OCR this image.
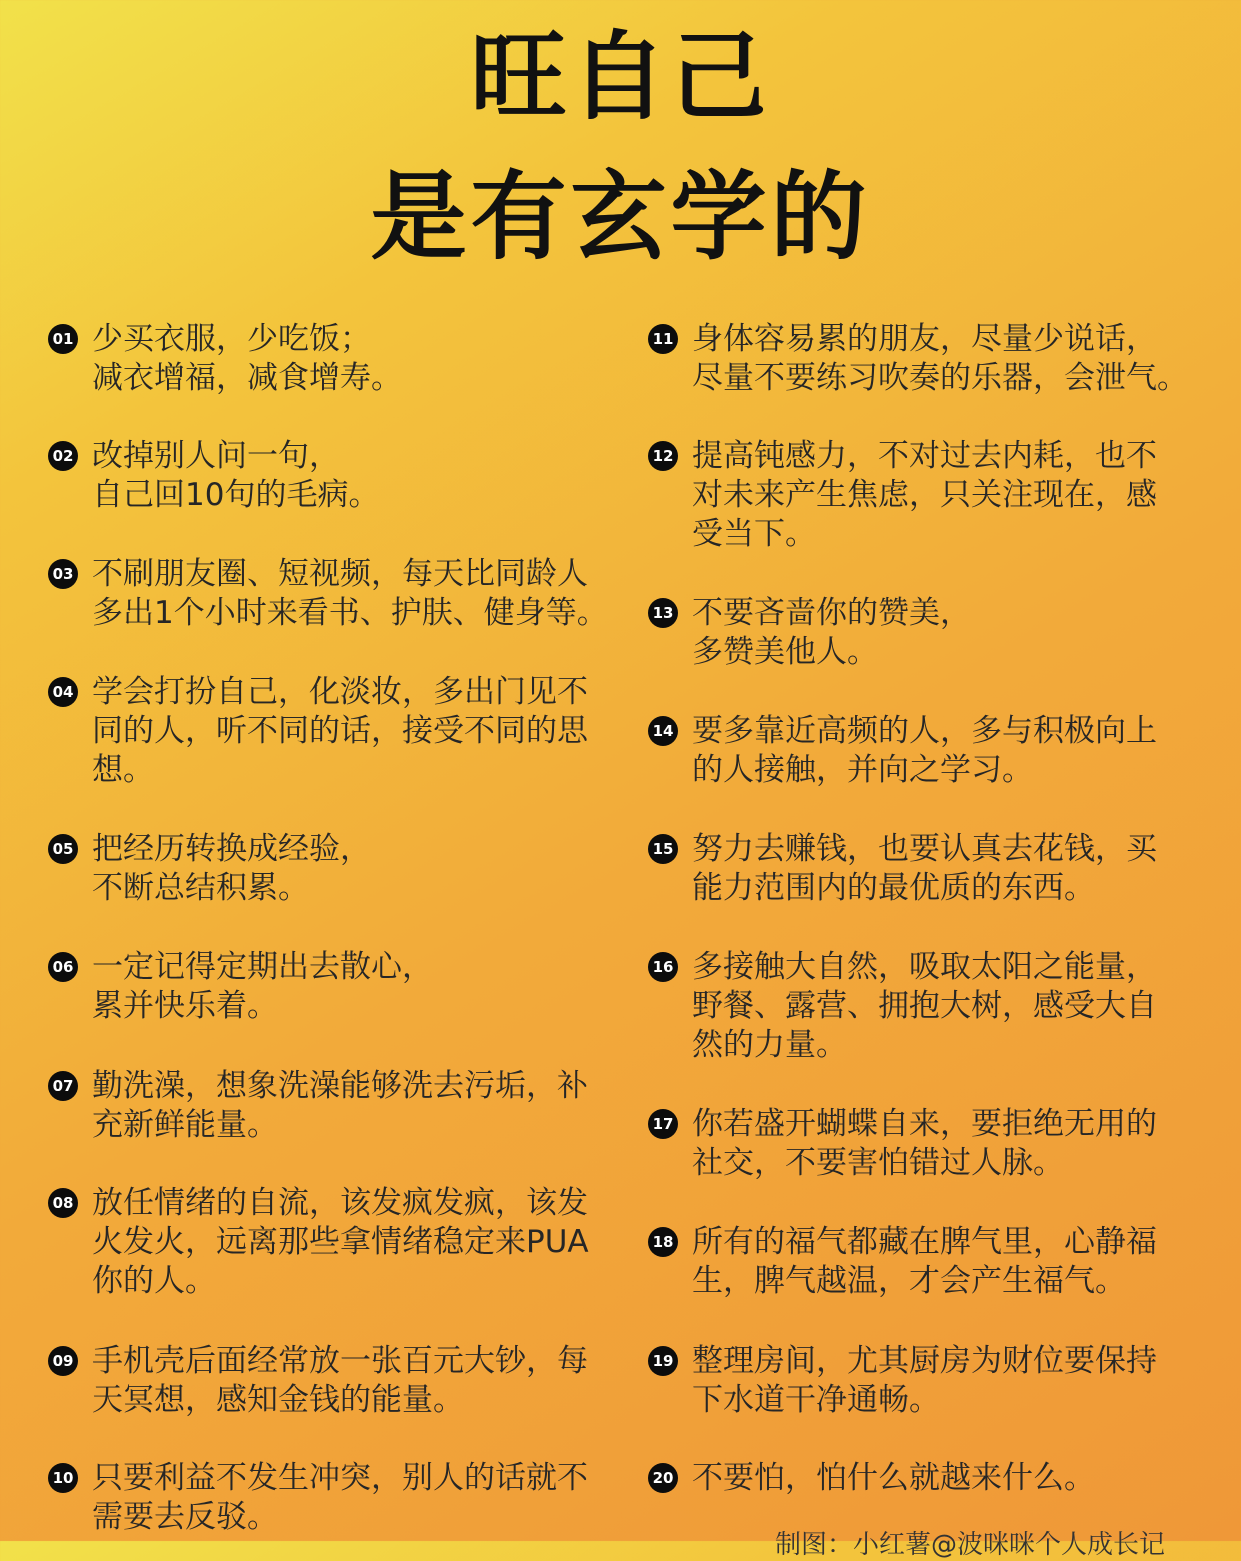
旺自己
是有玄学的
01 少买衣服，少吃饭；
减衣增福，减食增寿。
02 改掉别人问一句，
自己回10句的毛病。
03 不刷朋友圈、短视频，每天比同龄人
多出1个小时来看书、护肤、健身等。
04 学会打扮自己，化淡妆，多出门见不
同的人，听不同的话，接受不同的思
想。
05 把经历转换成经验，
不断总结积累。
06 一定记得定期出去散心，
累并快乐着。
07 勤洗澡，想象洗澡能够洗去污垢，补
充新鲜能量。
08 放任情绪的自流，该发疯发疯，该发
火发火，远离那些拿情绪稳定来PUA
你的人。
09 手机壳后面经常放一张百元大钞，每
天冥想，感知金钱的能量。
10 只要利益不发生冲突，别人的话就不
需要去反驳。
11 身体容易累的朋友，尽量少说话，
尽量不要练习吹奏的乐器，会泄气。
12 提高钝感力，不对过去内耗，也不
对未来产生焦虑，只关注现在，感
受当下。
13 不要吝啬你的赞美，
多赞美他人。
14 要多靠近高频的人，多与积极向上
的人接触，并向之学习。
15 努力去赚钱，也要认真去花钱，买
能力范围内的最优质的东西。
16 多接触大自然，吸取太阳之能量，
野餐、露营、拥抱大树，感受大自
然的力量。
17 你若盛开蝴蝶自来，要拒绝无用的
社交，不要害怕错过人脉。
18 所有的福气都藏在脾气里，心静福
生，脾气越温，才会产生福气。
19 整理房间，尤其厨房为财位要保持
下水道干净通畅。
20 不要怕，怕什么就越来什么。
制图：小红薯@波咪咪个人成长记
